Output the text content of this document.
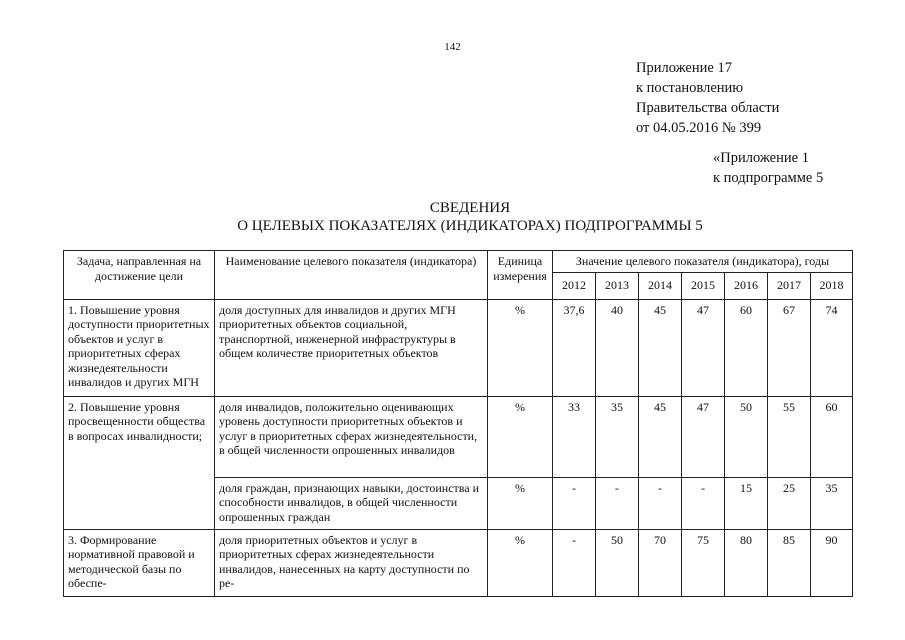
142
Приложение 17
к постановлению
Правительства области
от 04.05.2016 № 399
«Приложение 1
к подпрограмме 5
СВЕДЕНИЯ
О ЦЕЛЕВЫХ ПОКАЗАТЕЛЯХ (ИНДИКАТОРАХ) ПОДПРОГРАММЫ 5
Задача, направленная на достижение цели	Наименование целевого показателя (индикатора)	Единица измерения	Значение целевого показателя (индикатора), годы						
			2012	2013	2014	2015	2016	2017	2018
1. Повышение уровня доступности приоритетных объектов и услуг в приоритетных сферах жизнедеятельности инвалидов и других МГН	доля доступных для инвалидов и других МГН приоритетных объектов социальной, транспортной, инженерной инфраструктуры в общем количестве приоритетных объектов	%	37,6	40	45	47	60	67	74
2. Повышение уровня просвещенности общества в вопросах инвалидности;	доля инвалидов, положительно оценивающих уровень доступности приоритетных объектов и услуг в приоритетных сферах жизнедеятельности, в общей численности опрошенных инвалидов	%	33	35	45	47	50	55	60
	доля граждан, признающих навыки, достоинства и способности инвалидов, в общей численности опрошенных граждан	%	-	-	-	-	15	25	35
3. Формирование нормативной правовой и методической базы по обеспе-	доля приоритетных объектов и услуг в приоритетных сферах жизнедеятельности инвалидов, нанесенных на карту доступности по ре-	%	-	50	70	75	80	85	90
